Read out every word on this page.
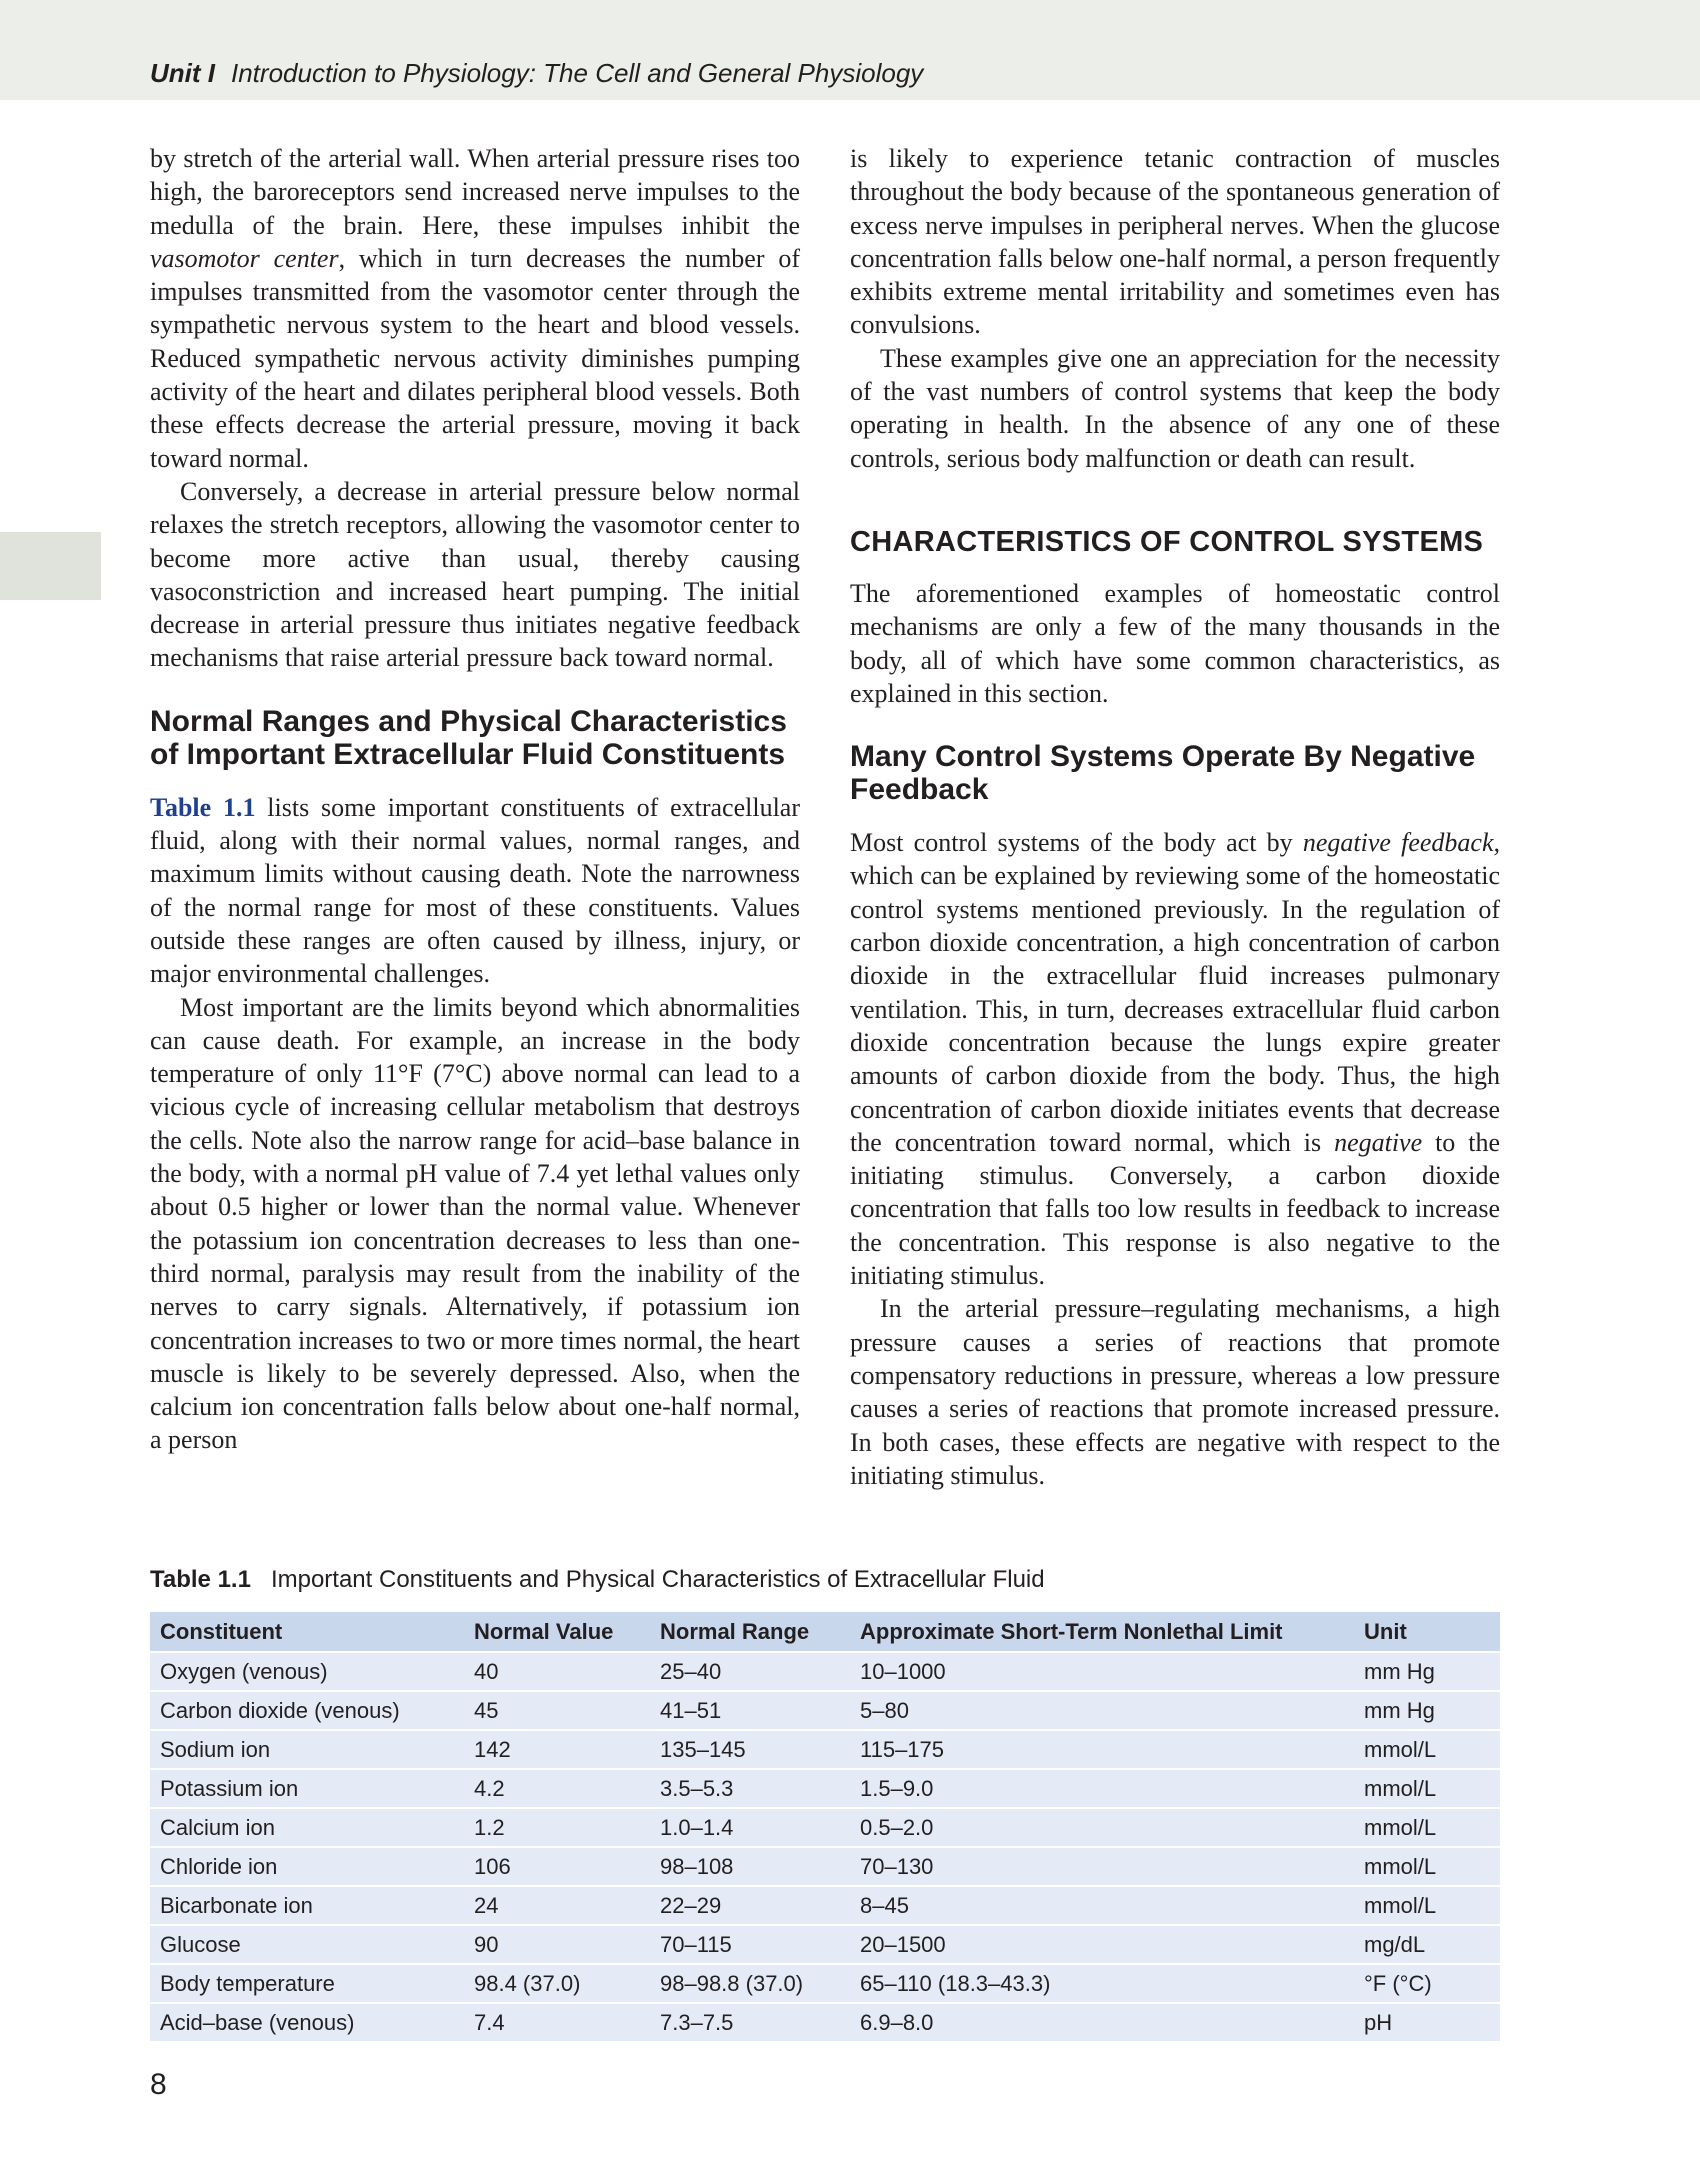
Unit I Introduction to Physiology: The Cell and General Physiology

by stretch of the arterial wall. When arterial pressure rises too high, the baroreceptors send increased nerve impulses to the medulla of the brain. Here, these impulses inhibit the vasomotor center, which in turn decreases the number of impulses transmitted from the vasomotor center through the sympathetic nervous system to the heart and blood vessels. Reduced sympathetic nervous activity diminishes pumping activity of the heart and dilates peripheral blood vessels. Both these effects decrease the arterial pressure, moving it back toward normal.

Conversely, a decrease in arterial pressure below normal relaxes the stretch receptors, allowing the vasomotor center to become more active than usual, thereby causing vasoconstriction and increased heart pumping. The initial decrease in arterial pressure thus initiates negative feedback mechanisms that raise arterial pressure back toward normal.

Normal Ranges and Physical Characteristics of Important Extracellular Fluid Constituents

Table 1.1 lists some important constituents of extracellular fluid, along with their normal values, normal ranges, and maximum limits without causing death. Note the narrowness of the normal range for most of these constituents. Values outside these ranges are often caused by illness, injury, or major environmental challenges.

Most important are the limits beyond which abnormalities can cause death. For example, an increase in the body temperature of only 11°F (7°C) above normal can lead to a vicious cycle of increasing cellular metabolism that destroys the cells. Note also the narrow range for acid–base balance in the body, with a normal pH value of 7.4 yet lethal values only about 0.5 higher or lower than the normal value. Whenever the potassium ion concentration decreases to less than one-third normal, paralysis may result from the inability of the nerves to carry signals. Alternatively, if potassium ion concentration increases to two or more times normal, the heart muscle is likely to be severely depressed. Also, when the calcium ion concentration falls below about one-half normal, a person

is likely to experience tetanic contraction of muscles throughout the body because of the spontaneous generation of excess nerve impulses in peripheral nerves. When the glucose concentration falls below one-half normal, a person frequently exhibits extreme mental irritability and sometimes even has convulsions.

These examples give one an appreciation for the necessity of the vast numbers of control systems that keep the body operating in health. In the absence of any one of these controls, serious body malfunction or death can result.

CHARACTERISTICS OF CONTROL SYSTEMS

The aforementioned examples of homeostatic control mechanisms are only a few of the many thousands in the body, all of which have some common characteristics, as explained in this section.

Many Control Systems Operate By Negative Feedback

Most control systems of the body act by negative feedback, which can be explained by reviewing some of the homeostatic control systems mentioned previously. In the regulation of carbon dioxide concentration, a high concentration of carbon dioxide in the extracellular fluid increases pulmonary ventilation. This, in turn, decreases extracellular fluid carbon dioxide concentration because the lungs expire greater amounts of carbon dioxide from the body. Thus, the high concentration of carbon dioxide initiates events that decrease the concentration toward normal, which is negative to the initiating stimulus. Conversely, a carbon dioxide concentration that falls too low results in feedback to increase the concentration. This response is also negative to the initiating stimulus.

In the arterial pressure–regulating mechanisms, a high pressure causes a series of reactions that promote compensatory reductions in pressure, whereas a low pressure causes a series of reactions that promote increased pressure. In both cases, these effects are negative with respect to the initiating stimulus.

Table 1.1 Important Constituents and Physical Characteristics of Extracellular Fluid
Constituent	Normal Value	Normal Range	Approximate Short-Term Nonlethal Limit	Unit
Oxygen (venous)	40	25–40	10–1000	mm Hg
Carbon dioxide (venous)	45	41–51	5–80	mm Hg
Sodium ion	142	135–145	115–175	mmol/L
Potassium ion	4.2	3.5–5.3	1.5–9.0	mmol/L
Calcium ion	1.2	1.0–1.4	0.5–2.0	mmol/L
Chloride ion	106	98–108	70–130	mmol/L
Bicarbonate ion	24	22–29	8–45	mmol/L
Glucose	90	70–115	20–1500	mg/dL
Body temperature	98.4 (37.0)	98–98.8 (37.0)	65–110 (18.3–43.3)	°F (°C)
Acid–base (venous)	7.4	7.3–7.5	6.9–8.0	pH
8
